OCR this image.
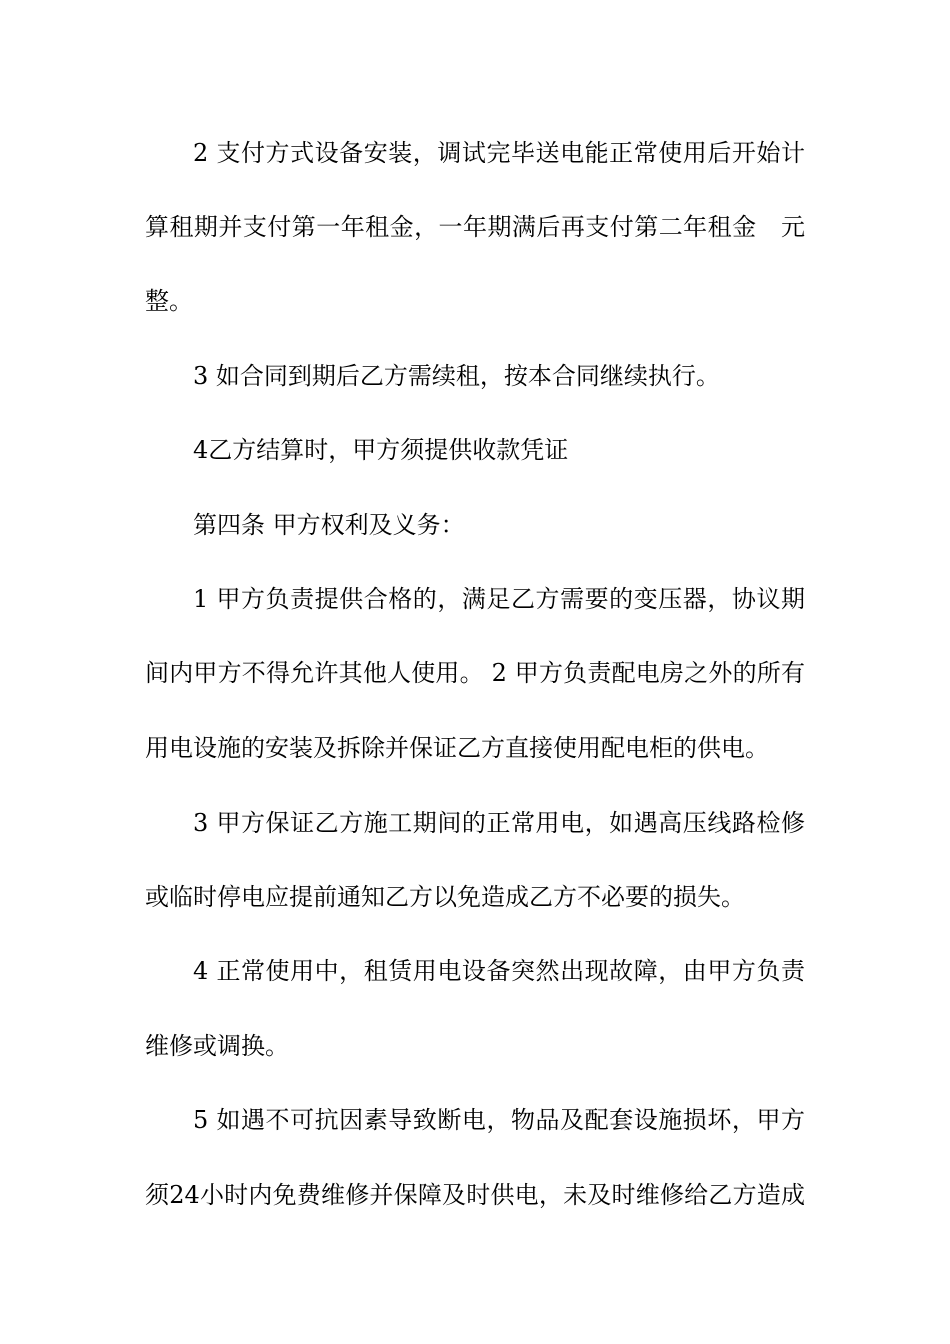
2 支付方式设备安装，调试完毕送电能正常使用后开始计
算租期并支付第一年租金，一年期满后再支付第二年租金　元
整。
3 如合同到期后乙方需续租，按本合同继续执行。
4乙方结算时，甲方须提供收款凭证
第四条 甲方权利及义务：
1 甲方负责提供合格的，满足乙方需要的变压器，协议期
间内甲方不得允许其他人使用。 2 甲方负责配电房之外的所有
用电设施的安装及拆除并保证乙方直接使用配电柜的供电。
3 甲方保证乙方施工期间的正常用电，如遇高压线路检修
或临时停电应提前通知乙方以免造成乙方不必要的损失。
4 正常使用中，租赁用电设备突然出现故障，由甲方负责
维修或调换。
5 如遇不可抗因素导致断电，物品及配套设施损坏，甲方
须24小时内免费维修并保障及时供电，未及时维修给乙方造成
